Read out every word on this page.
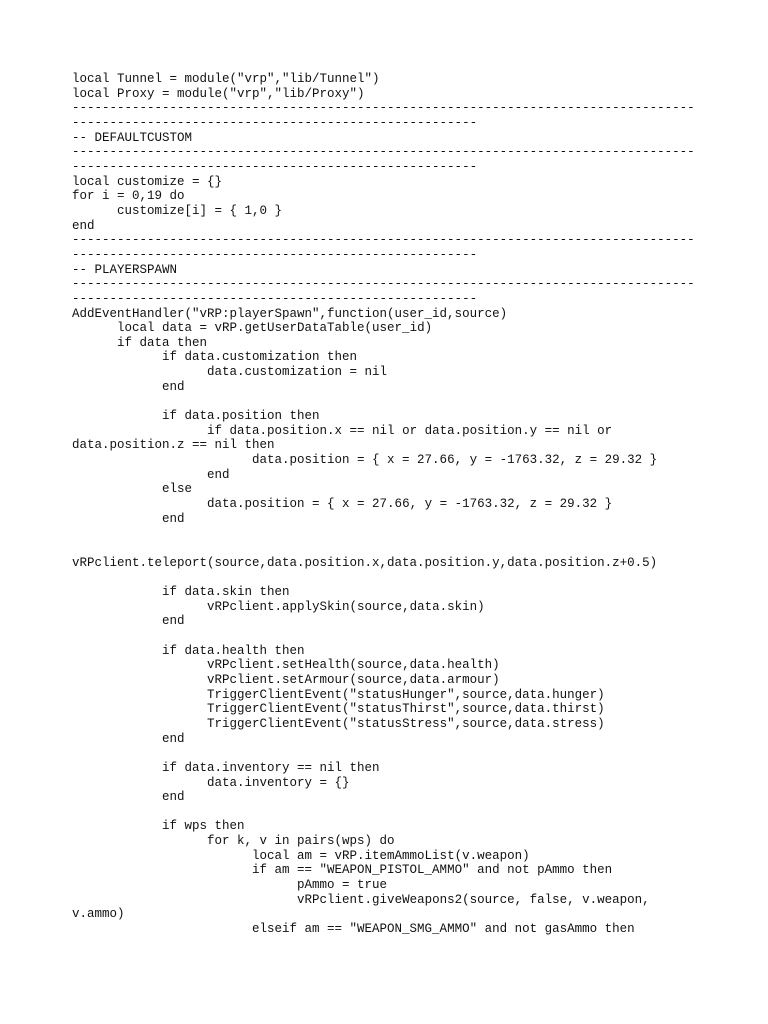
local Tunnel = module("vrp","lib/Tunnel")
local Proxy = module("vrp","lib/Proxy")
-----------------------------------------------------------------------------------
------------------------------------------------------
-- DEFAULTCUSTOM
-----------------------------------------------------------------------------------
------------------------------------------------------
local customize = {}
for i = 0,19 do
	customize[i] = { 1,0 }
end
-----------------------------------------------------------------------------------
------------------------------------------------------
-- PLAYERSPAWN
-----------------------------------------------------------------------------------
------------------------------------------------------
AddEventHandler("vRP:playerSpawn",function(user_id,source)
	local data = vRP.getUserDataTable(user_id)
	if data then
		if data.customization then
			data.customization = nil
		end
		if data.position then
			if data.position.x == nil or data.position.y == nil or
data.position.z == nil then
				data.position = { x = 27.66, y = -1763.32, z = 29.32 }
			end
		else
			data.position = { x = 27.66, y = -1763.32, z = 29.32 }
		end
vRPclient.teleport(source,data.position.x,data.position.y,data.position.z+0.5)
		if data.skin then
			vRPclient.applySkin(source,data.skin)
		end
		if data.health then
			vRPclient.setHealth(source,data.health)
			vRPclient.setArmour(source,data.armour)
			TriggerClientEvent("statusHunger",source,data.hunger)
			TriggerClientEvent("statusThirst",source,data.thirst)
			TriggerClientEvent("statusStress",source,data.stress)
		end
		if data.inventory == nil then
			data.inventory = {}
		end
		if wps then
			for k, v in pairs(wps) do
				local am = vRP.itemAmmoList(v.weapon)
				if am == "WEAPON_PISTOL_AMMO" and not pAmmo then
					pAmmo = true
					vRPclient.giveWeapons2(source, false, v.weapon,
v.ammo)
				elseif am == "WEAPON_SMG_AMMO" and not gasAmmo then
